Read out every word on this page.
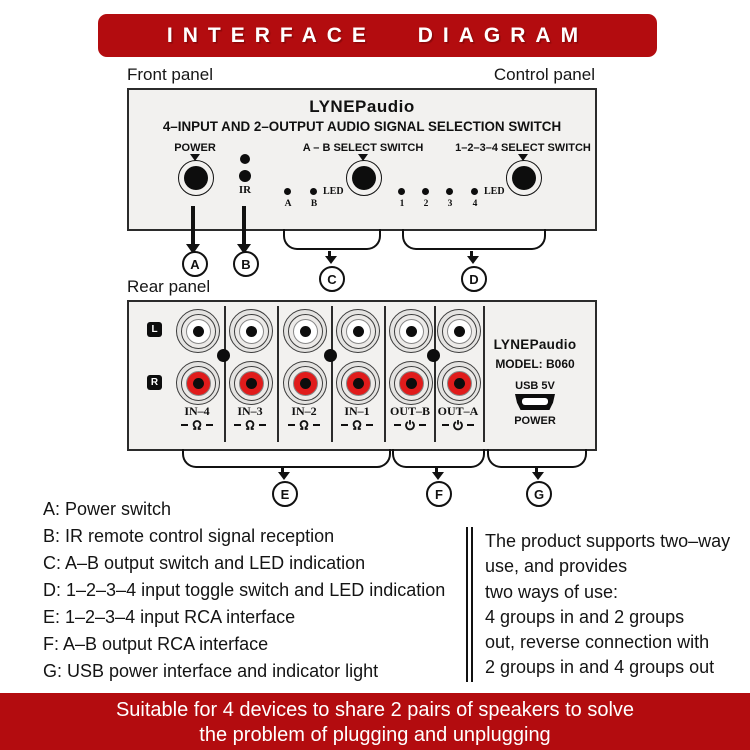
INTERFACE DIAGRAM
Front panel	Control panel
LYNEPaudio
4–INPUT AND 2–OUTPUT AUDIO SIGNAL SELECTION SWITCH
POWER
IR
A	B
LED
A – B SELECT SWITCH
1	2	3	4
LED
1–2–3–4 SELECT SWITCH
A	B
C	D
Rear panel
L
R
IN–4	IN–3	IN–2	IN–1	OUT–B OUT–A
LYNEPaudio
MODEL: B060
USB 5V
POWER
E	F	G
A: Power switch
B: IR remote control signal reception
C: A–B output switch and LED indication
D: 1–2–3–4 input toggle switch and LED indication
E: 1–2–3–4 input RCA interface
F: A–B output RCA interface
G: USB power interface and indicator light
The product supports two–way
use, and provides
two ways of use:
4 groups in and 2 groups
out, reverse connection with
2 groups in and 4 groups out
Suitable for 4 devices to share 2 pairs of speakers to solve
the problem of plugging and unplugging
